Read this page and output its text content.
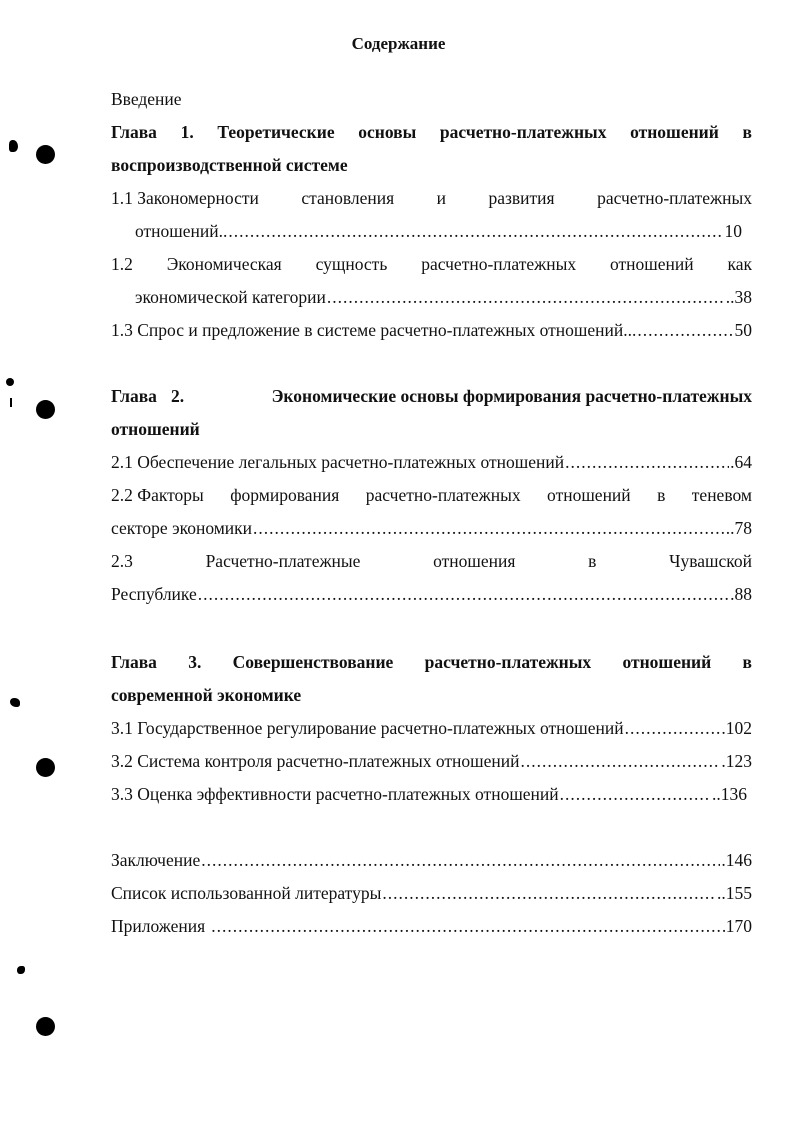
Содержание
Введение
Глава 1. Теоретические основы расчетно-платежных отношений в
воспроизводственной системе
1.1 Закономерности становления и развития расчетно-платежных
отношений.. .....	10
1.2 Экономическая сущность расчетно-платежных отношений как
экономической категории .....	..38
1.3 Спрос и предложение в системе расчетно-платежных отношений... .....	50
Глава 2.	Экономические основы формирования расчетно-платежных
отношений
2.1 Обеспечение легальных расчетно-платежных отношений .....	.64
2.2 Факторы формирования расчетно-платежных отношений в теневом
секторе экономики .....	..78
2.3	Расчетно-платежные	отношения	в	Чувашской
Республике .....	.88
Глава 3. Совершенствование расчетно-платежных отношений в
современной экономике
3.1 Государственное регулирование расчетно-платежных отношений .....	102
3.2 Система контроля расчетно-платежных отношений .....	.123
3.3 Оценка эффективности расчетно-платежных отношений .....	..136
Заключение .....	.146
Список использованной литературы .....	..155
Приложения .....	170
